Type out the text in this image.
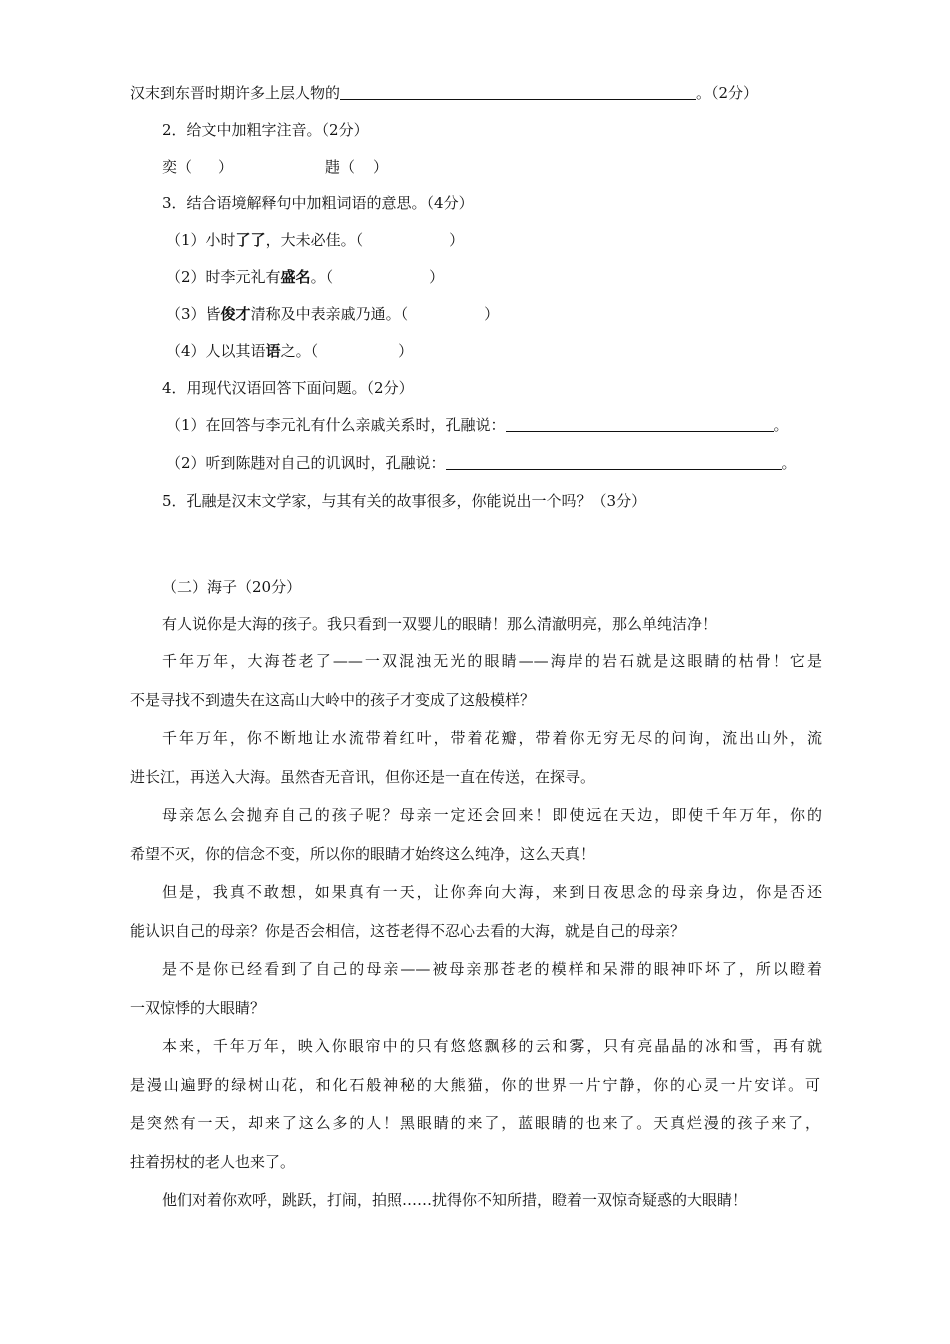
汉末到东晋时期许多上层人物的	。（2分）
2．给文中加粗字注音。（2分）
奕（ ）	韪（ ）
3．结合语境解释句中加粗词语的意思。（4分）
（1）小时了了，大未必佳。（	）
（2）时李元礼有盛名。（	）
（3）皆俊才清称及中表亲戚乃通。（	）
（4）人以其语语之。（	）
4．用现代汉语回答下面问题。（2分）
（1）在回答与李元礼有什么亲戚关系时，孔融说：	。
（2）听到陈韪对自己的讥讽时，孔融说：	。
5．孔融是汉末文学家，与其有关的故事很多，你能说出一个吗？（3分）
（二）海子（20分）
有人说你是大海的孩子。我只看到一双婴儿的眼睛！那么清澈明亮，那么单纯洁净！
千年万年，大海苍老了——一双混浊无光的眼睛——海岸的岩石就是这眼睛的枯骨！它是
不是寻找不到遗失在这高山大岭中的孩子才变成了这般模样？
千年万年，你不断地让水流带着红叶，带着花瓣，带着你无穷无尽的问询，流出山外，流
进长江，再送入大海。虽然杳无音讯，但你还是一直在传送，在探寻。
母亲怎么会抛弃自己的孩子呢？母亲一定还会回来！即使远在天边，即使千年万年，你的
希望不灭，你的信念不变，所以你的眼睛才始终这么纯净，这么天真！
但是，我真不敢想，如果真有一天，让你奔向大海，来到日夜思念的母亲身边，你是否还
能认识自己的母亲？你是否会相信，这苍老得不忍心去看的大海，就是自己的母亲？
是不是你已经看到了自己的母亲——被母亲那苍老的模样和呆滞的眼神吓坏了，所以瞪着
一双惊悸的大眼睛？
本来，千年万年，映入你眼帘中的只有悠悠飘移的云和雾，只有亮晶晶的冰和雪，再有就
是漫山遍野的绿树山花，和化石般神秘的大熊猫，你的世界一片宁静，你的心灵一片安详。可
是突然有一天，却来了这么多的人！黑眼睛的来了，蓝眼睛的也来了。天真烂漫的孩子来了，
拄着拐杖的老人也来了。
他们对着你欢呼，跳跃，打闹，拍照……扰得你不知所措，瞪着一双惊奇疑惑的大眼睛！
